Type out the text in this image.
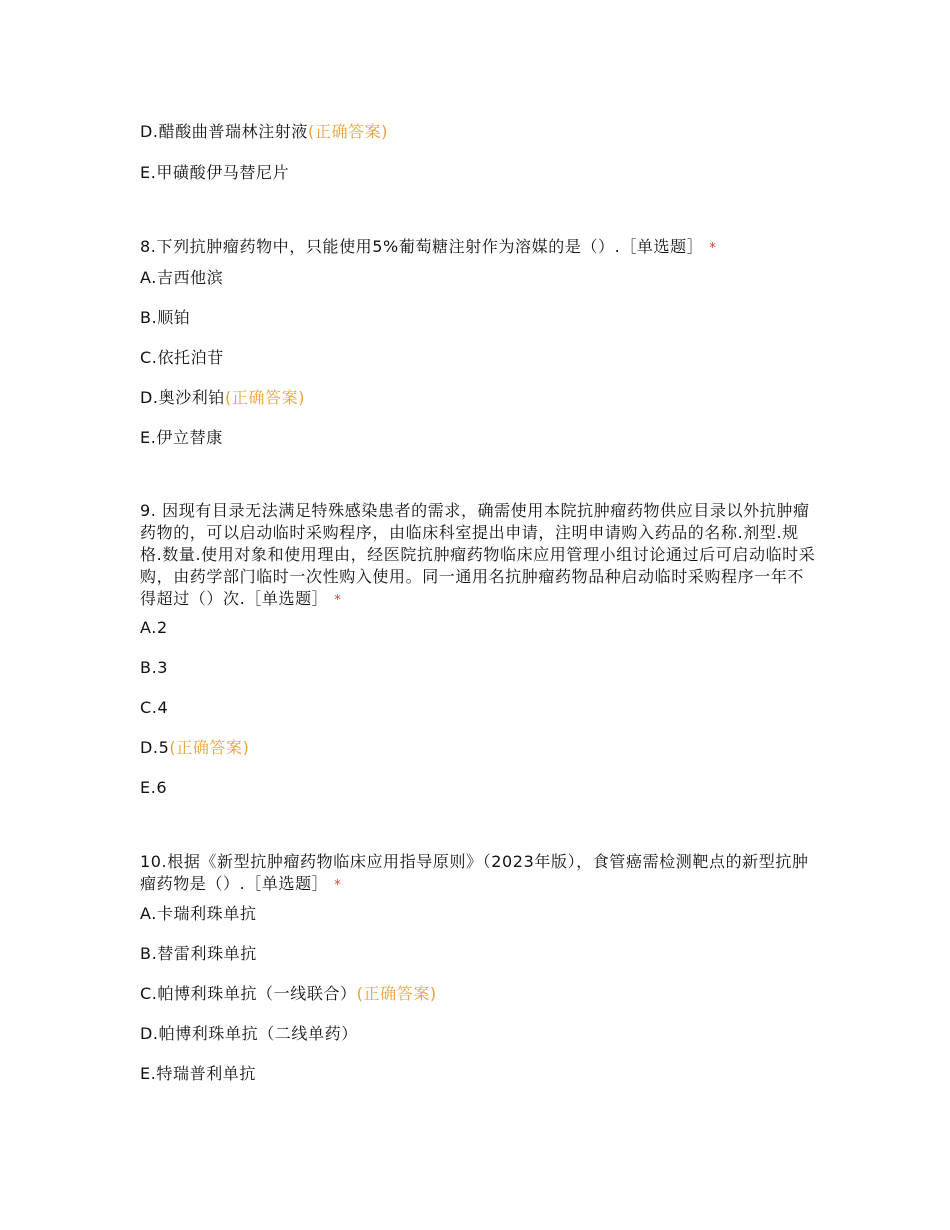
D.醋酸曲普瑞林注射液(正确答案)
E.甲磺酸伊马替尼片
8.下列抗肿瘤药物中，只能使用5%葡萄糖注射作为溶媒的是（）.［单选题］ *
A.吉西他滨
B.顺铂
C.依托泊苷
D.奥沙利铂(正确答案)
E.伊立替康
9. 因现有目录无法满足特殊感染患者的需求，确需使用本院抗肿瘤药物供应目录以外抗肿瘤药物的，可以启动临时采购程序，由临床科室提出申请，注明申请购入药品的名称.剂型.规格.数量.使用对象和使用理由，经医院抗肿瘤药物临床应用管理小组讨论通过后可启动临时采购，由药学部门临时一次性购入使用。同一通用名抗肿瘤药物品种启动临时采购程序一年不得超过（）次.［单选题］ *
A.2
B.3
C.4
D.5(正确答案)
E.6
10.根据《新型抗肿瘤药物临床应用指导原则》（2023年版），食管癌需检测靶点的新型抗肿瘤药物是（）.［单选题］ *
A.卡瑞利珠单抗
B.替雷利珠单抗
C.帕博利珠单抗（一线联合）(正确答案)
D.帕博利珠单抗（二线单药）
E.特瑞普利单抗
